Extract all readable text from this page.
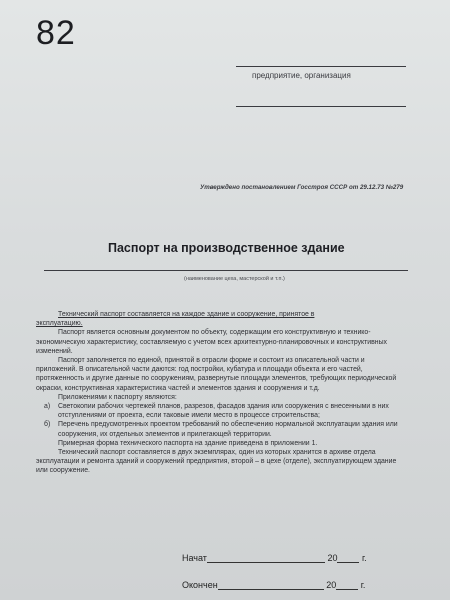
82
предприятие, организация
Утверждено постановлением Госстроя СССР от 29.12.73 №279
Паспорт на производственное здание
(наименование цеха, мастерской и т.п.)

Технический паспорт составляется на каждое здание и сооружение, принятое в

эксплуатацию.

Паспорт является основным документом по объекту, содержащим его конструктивную и технико-экономическую характеристику, составляемую с учетом всех архитектурно-планировочных и конструктивных изменений.

Паспорт заполняется по единой, принятой в отрасли форме и состоит из описательной части и приложений. В описательной части даются: год постройки, кубатура и площади объекта и его частей, протяженность и другие данные по сооружениям, развернутые площади элементов, требующих периодической окраски, конструктивная характеристика частей и элементов здания и сооружения и т.д.

Приложениями к паспорту являются:

а)	Светокопии рабочих чертежей планов, разрезов, фасадов здания или сооружения с внесенными в них отступлениями от проекта, если таковые имели место в процессе строительства;
б)	Перечень предусмотренных проектом требований по обеспечению нормальной эксплуатации здания или сооружения, их отдельных элементов и прилегающей территории.

Примерная форма технического паспорта на здание приведена в приложении 1.

Технический паспорт составляется в двух экземплярах, один из которых хранится в архиве отдела эксплуатации и ремонта зданий и сооружений предприятия, второй – в цехе (отделе), эксплуатирующем здание или сооружение.

Начат	20	г.
Окончен	20	г.
